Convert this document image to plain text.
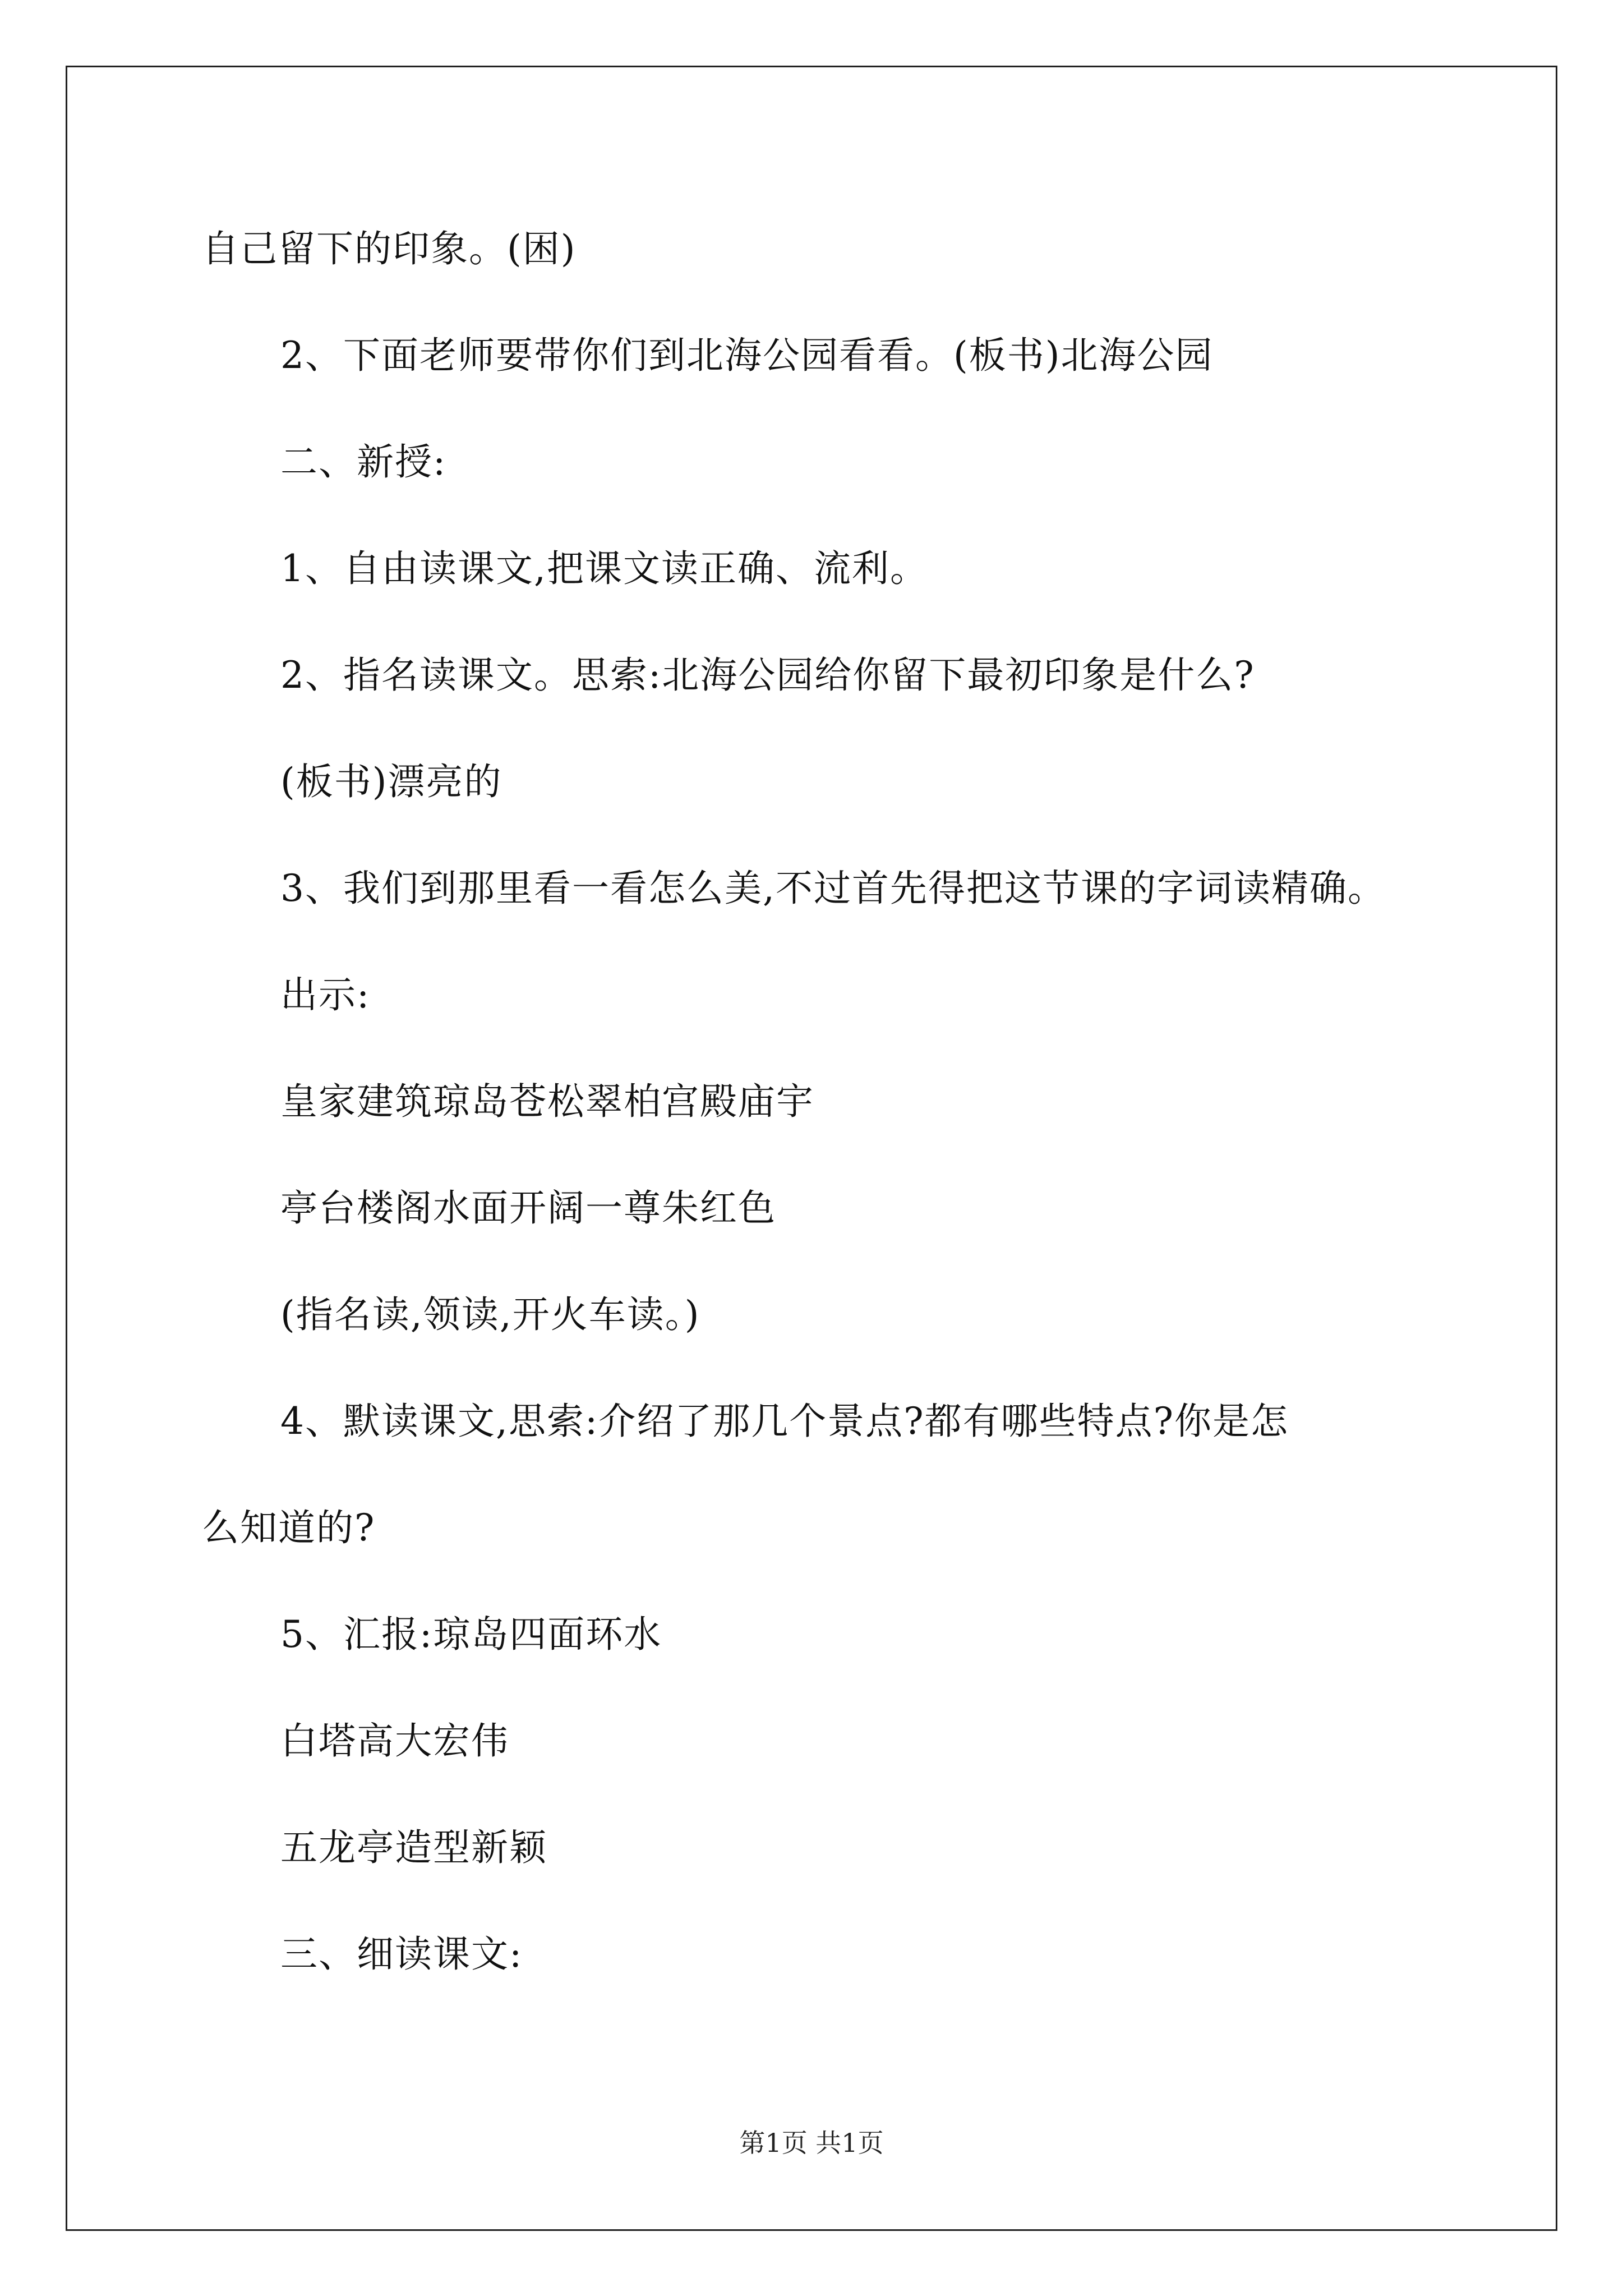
自己留下的印象。(困)
2、下面老师要带你们到北海公园看看。(板书)北海公园
二、新授:
1、自由读课文,把课文读正确、流利。
2、指名读课文。思索:北海公园给你留下最初印象是什么?
(板书)漂亮的
3、我们到那里看一看怎么美,不过首先得把这节课的字词读精确。
出示:
皇家建筑琼岛苍松翠柏宫殿庙宇
亭台楼阁水面开阔一尊朱红色
(指名读,领读,开火车读。)
4、默读课文,思索:介绍了那几个景点?都有哪些特点?你是怎
么知道的?
5、汇报:琼岛四面环水
白塔高大宏伟
五龙亭造型新颖
三、细读课文:
第1页 共1页
